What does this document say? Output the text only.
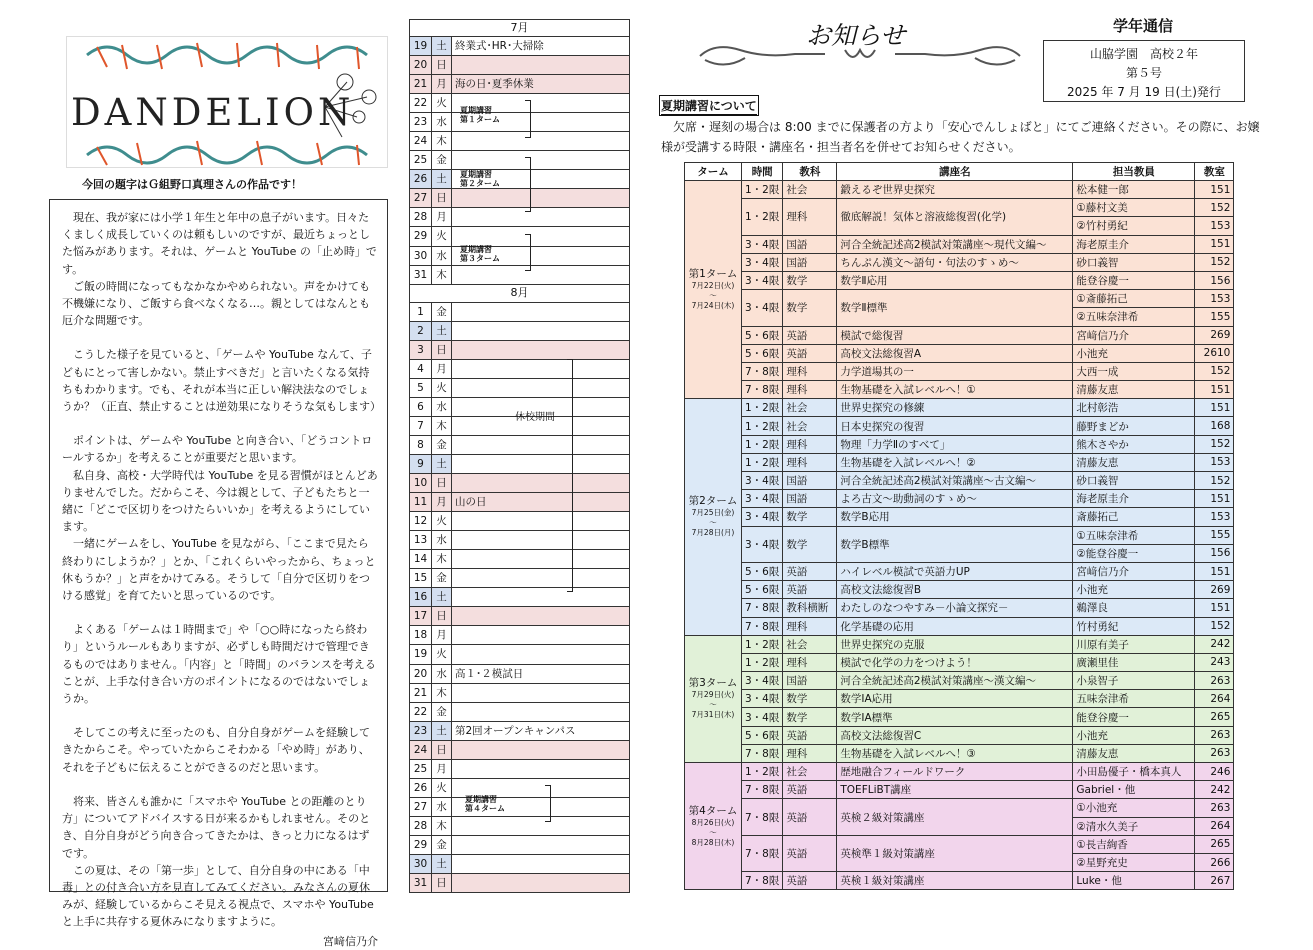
DANDELION
今回の題字はＧ組野口真理さんの作品です！

現在、我が家には小学１年生と年中の息子がいます。日々たくましく成長していくのは頼もしいのですが、最近ちょっとした悩みがあります。それは、ゲームと YouTube の「止め時」です。

ご飯の時間になってもなかなかやめられない。声をかけても不機嫌になり、ご飯すら食べなくなる…。親としてはなんとも厄介な問題です。

こうした様子を見ていると、「ゲームや YouTube なんて、子どもにとって害しかない。禁止すべきだ」と言いたくなる気持ちもわかります。でも、それが本当に正しい解決法なのでしょうか？（正直、禁止することは逆効果になりそうな気もします）

ポイントは、ゲームや YouTube と向き合い、「どうコントロールするか」を考えることが重要だと思います。

私自身、高校・大学時代は YouTube を見る習慣がほとんどありませんでした。だからこそ、今は親として、子どもたちと一緒に「どこで区切りをつけたらいいか」を考えるようにしています。

一緒にゲームをし、YouTube を見ながら、「ここまで見たら終わりにしようか？」とか、「これくらいやったから、ちょっと休もうか？」と声をかけてみる。そうして「自分で区切りをつける感覚」を育てたいと思っているのです。

よくある「ゲームは１時間まで」や「○○時になったら終わり」というルールもありますが、必ずしも時間だけで管理できるものではありません。「内容」と「時間」のバランスを考えることが、上手な付き合い方のポイントになるのではないでしょうか。

そしてこの考えに至ったのも、自分自身がゲームを経験してきたからこそ。やっていたからこそわかる「やめ時」があり、それを子どもに伝えることができるのだと思います。

将来、皆さんも誰かに「スマホや YouTube との距離のとり方」についてアドバイスする日が来るかもしれません。そのとき、自分自身がどう向き合ってきたかは、きっと力になるはずです。

この夏は、その「第一歩」として、自分自身の中にある「中毒」との付き合い方を見直してみてください。みなさんの夏休みが、経験しているからこそ見える視点で、スマホや YouTube と上手に共存する夏休みになりますように。

宮﨑信乃介

7月
19 土 終業式･HR･大掃除
20 日
21 月 海の日･夏季休業
22 火
23 水
24 木
25 金
26 土
27 日
28 月
29 火
30 水
31 木
8月
1	金
2	土
3	日
4	月
5	火
6	水
7	木
8	金
9	土
10 日
11 月 山の日
12 火
13 水
14 木
15 金
16 土
17 日
18 月
19 火
20 水 高１･２模試日
21 木
22 金
23 土 第2回オープンキャンパス
24 日
25 月
26 火
27 水
28 木
29 金
30 土
31 日
夏期講習
第１ターム
夏期講習
第２ターム
夏期講習
第３ターム
夏期講習
第４ターム
休校期間
お知らせ	学年通信
山脇学園　高校２年
第５号
2025 年 7 月 19 日(土)発行
夏期講習について
欠席・遅刻の場合は 8:00 までに保護者の方より「安心でんしょばと」にてご連絡ください。その際に、お嬢様が受講する時限・講座名・担当者名を併せてお知らせください。
ターム	時間	教科	講座名	担当教員	教室
第1ターム
7月22日(火)～
7月24日(木)	1・2限	社会	鍛えるぞ世界史探究	松本健一郎	151
	1・2限	理科	徹底解説！気体と溶液総復習(化学)	①藤村文美	152
				②竹村勇紀	153
	3・4限	国語	河合全統記述高2模試対策講座～現代文編～	海老原圭介	151
	3・4限	国語	ちんぷん漢文～語句・句法のすゝめ～	砂口義智	152
	3・4限	数学	数学Ⅱ応用	能登谷慶一	156
	3・4限	数学	数学Ⅱ標準	①斎藤拓己	153
				②五味奈津希	155
	5・6限	英語	模試で総復習	宮﨑信乃介	269
	5・6限	英語	高校文法総復習A	小池充	2610
	7・8限	理科	力学道場其の一	大西一成	152
	7・8限	理科	生物基礎を入試レベルへ！①	清藤友恵	151
第2ターム
7月25日(金)～
7月28日(月)	1・2限	社会	世界史探究の修練	北村彰浩	151
	1・2限	社会	日本史探究の復習	藤野まどか	168
	1・2限	理科	物理「力学Ⅱのすべて」	熊木さやか	152
	1・2限	理科	生物基礎を入試レベルへ！②	清藤友恵	153
	3・4限	国語	河合全統記述高2模試対策講座～古文編～	砂口義智	152
	3・4限	国語	よろ古文～助動詞のすゝめ～	海老原圭介	151
	3・4限	数学	数学B応用	斎藤拓己	153
	3・4限	数学	数学B標準	①五味奈津希	155
				②能登谷慶一	156
	5・6限	英語	ハイレベル模試で英語力UP	宮﨑信乃介	151
	5・6限	英語	高校文法総復習B	小池充	269
	7・8限	教科横断	わたしのなつやすみ－小論文探究－	鵜澤良	151
	7・8限	理科	化学基礎の応用	竹村勇紀	152
第3ターム
7月29日(火)～
7月31日(木)	1・2限	社会	世界史探究の克服	川原有美子	242
	1・2限	理科	模試で化学の力をつけよう！	廣瀬里佳	243
	3・4限	国語	河合全統記述高2模試対策講座～漢文編～	小泉智子	263
	3・4限	数学	数学ⅠA応用	五味奈津希	264
	3・4限	数学	数学ⅠA標準	能登谷慶一	265
	5・6限	英語	高校文法総復習C	小池充	263
	7・8限	理科	生物基礎を入試レベルへ！③	清藤友恵	263
第4ターム
8月26日(火)～
8月28日(木)	1・2限	社会	歴地融合フィールドワーク	小田島優子・橋本真人	246
	7・8限	英語	TOEFLiBT講座	Gabriel・他	242
	7・8限	英語	英検２級対策講座	①小池充	263
				②清水久美子	264
	7・8限	英語	英検準１級対策講座	①長吉絢香	265
				②星野充史	266
	7・8限	英語	英検１級対策講座	Luke・他	267
